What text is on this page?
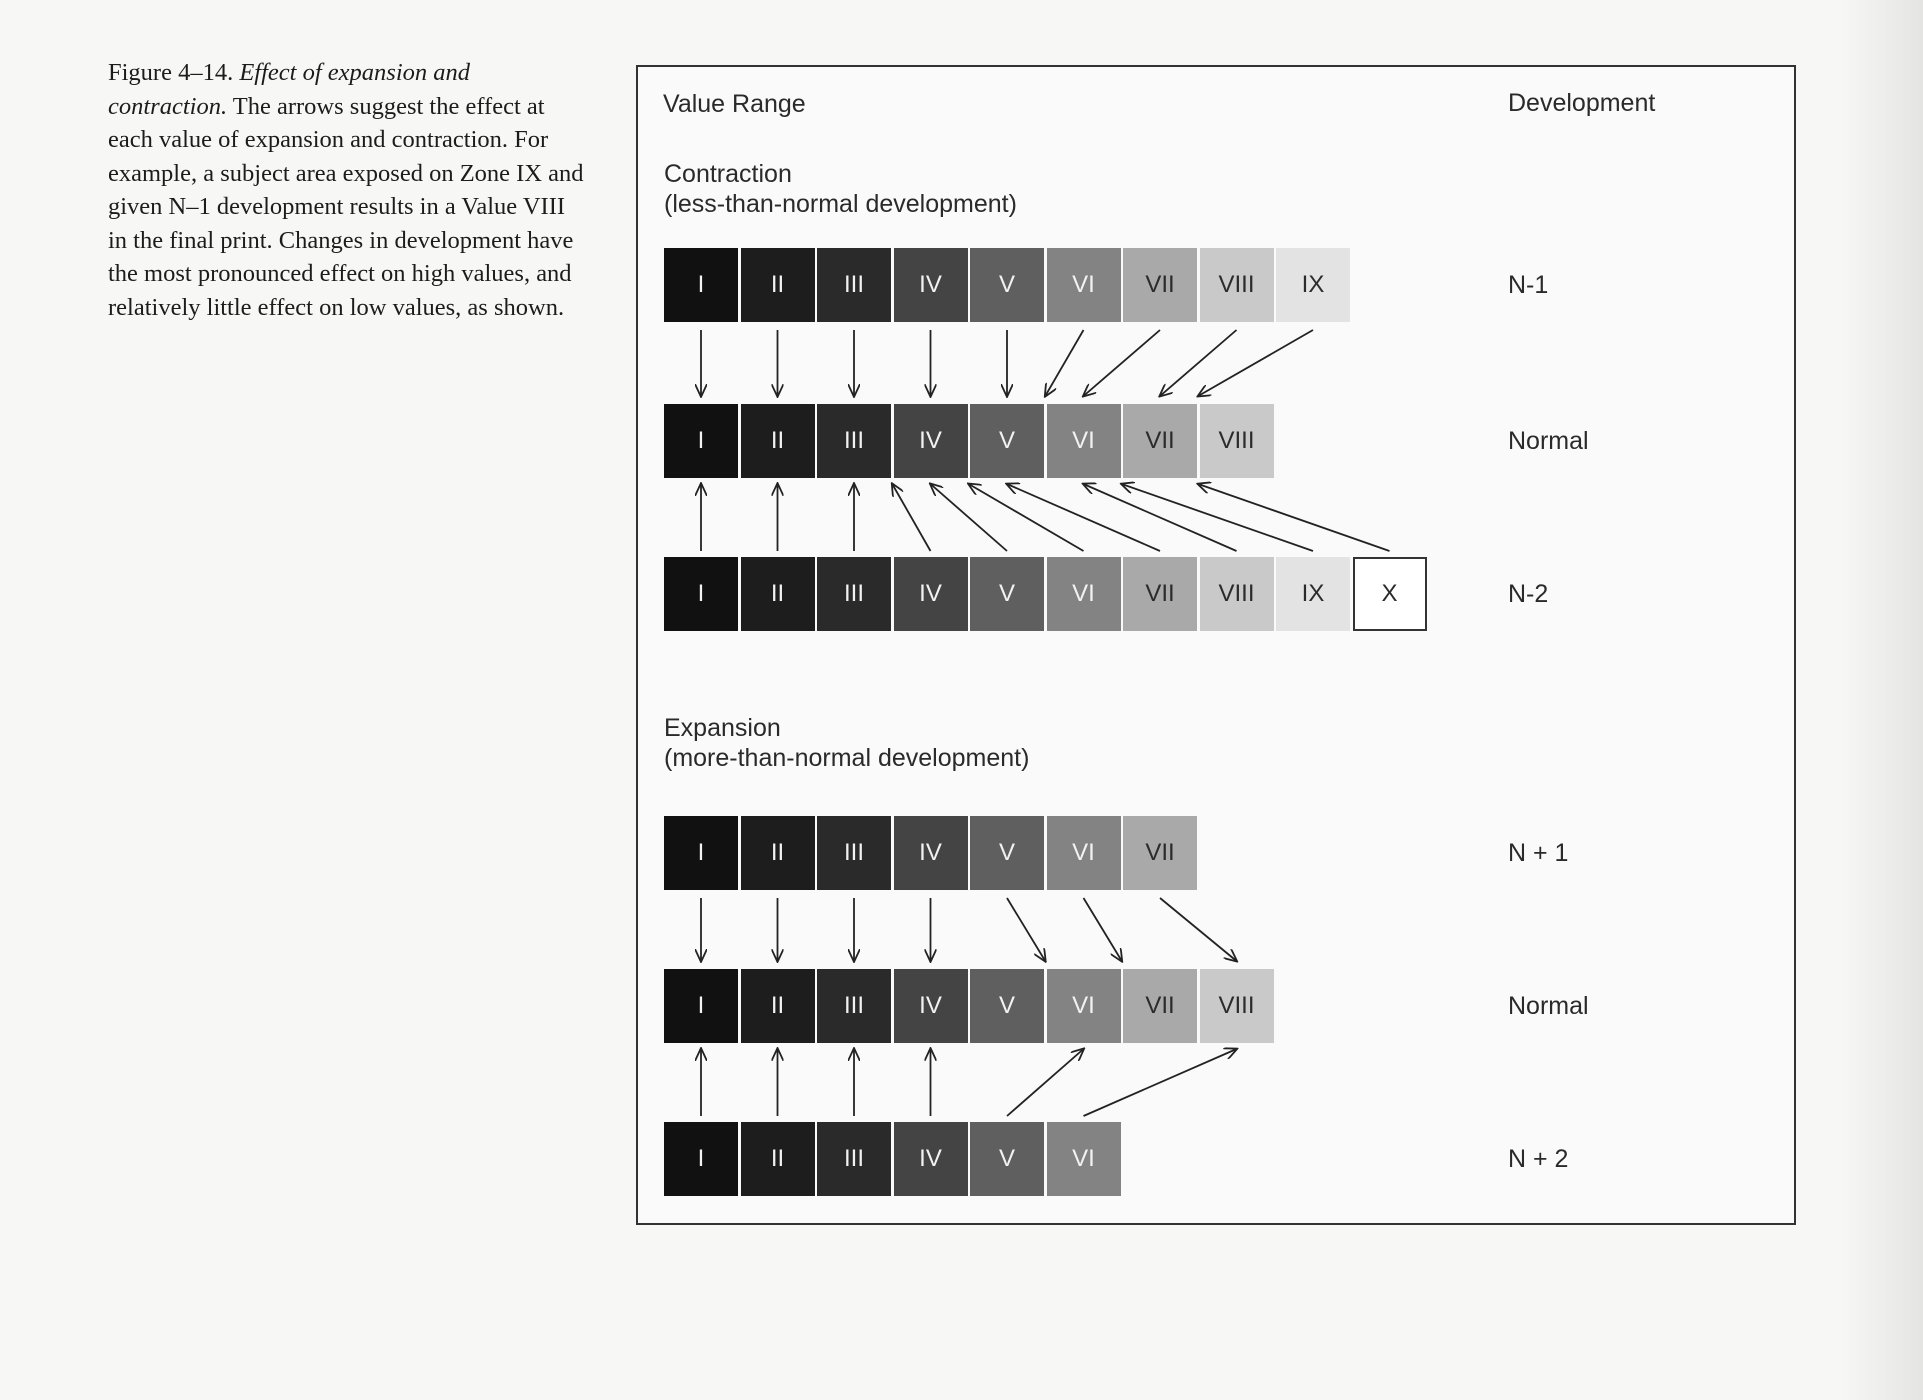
Figure 4–14. Effect of expansion and contraction. The arrows suggest the effect at each value of expansion and contraction. For example, a subject area exposed on Zone IX and given N–1 development results in a Value VIII in the final print. Changes in development have the most pronounced effect on high values, and relatively little effect on low values, as shown.

Value Range	Development
Contraction
(less-than-normal development)
Expansion
(more-than-normal development)
I	II	III	IV	V	VI	VII	VIII	IX	N-1
I	II	III	IV	V	VI	VII	VIII	Normal
I	II	III	IV	V	VI	VII	VIII	IX	X	N-2
I	II	III	IV	V	VI	VII	N + 1
I	II	III	IV	V	VI	VII	VIII	Normal
I	II	III	IV	V	VI	N + 2
